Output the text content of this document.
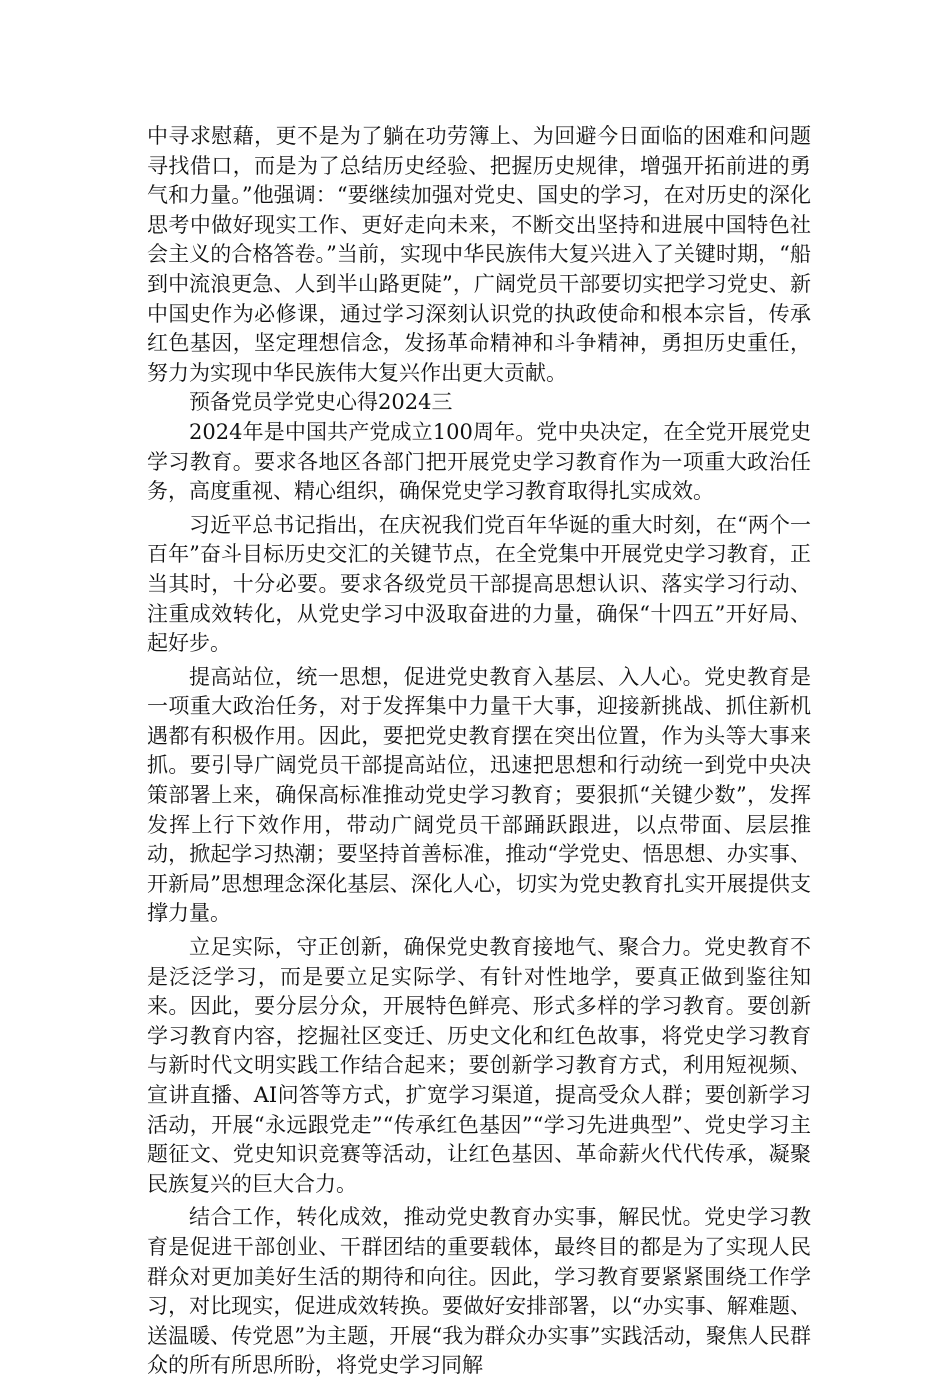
中寻求慰藉，更不是为了躺在功劳簿上、为回避今日面临的困难和问题寻找借口，而是为了总结历史经验、把握历史规律，增强开拓前进的勇气和力量。”他强调：“要继续加强对党史、国史的学习，在对历史的深化思考中做好现实工作、更好走向未来，不断交出坚持和进展中国特色社会主义的合格答卷。”当前，实现中华民族伟大复兴进入了关键时期，“船到中流浪更急、人到半山路更陡”，广阔党员干部要切实把学习党史、新中国史作为必修课，通过学习深刻认识党的执政使命和根本宗旨，传承红色基因，坚定理想信念，发扬革命精神和斗争精神，勇担历史重任，努力为实现中华民族伟大复兴作出更大贡献。

预备党员学党史心得2024三

2024年是中国共产党成立100周年。党中央决定，在全党开展党史学习教育。要求各地区各部门把开展党史学习教育作为一项重大政治任务，高度重视、精心组织，确保党史学习教育取得扎实成效。

习近平总书记指出，在庆祝我们党百年华诞的重大时刻，在“两个一百年”奋斗目标历史交汇的关键节点，在全党集中开展党史学习教育，正当其时，十分必要。要求各级党员干部提高思想认识、落实学习行动、注重成效转化，从党史学习中汲取奋进的力量，确保“十四五”开好局、起好步。

提高站位，统一思想，促进党史教育入基层、入人心。党史教育是一项重大政治任务，对于发挥集中力量干大事，迎接新挑战、抓住新机遇都有积极作用。因此，要把党史教育摆在突出位置，作为头等大事来抓。要引导广阔党员干部提高站位，迅速把思想和行动统一到党中央决策部署上来，确保高标准推动党史学习教育；要狠抓“关键少数”，发挥发挥上行下效作用，带动广阔党员干部踊跃跟进，以点带面、层层推动，掀起学习热潮；要坚持首善标准，推动“学党史、悟思想、办实事、开新局”思想理念深化基层、深化人心，切实为党史教育扎实开展提供支撑力量。

立足实际，守正创新，确保党史教育接地气、聚合力。党史教育不是泛泛学习，而是要立足实际学、有针对性地学，要真正做到鉴往知来。因此，要分层分众，开展特色鲜亮、形式多样的学习教育。要创新学习教育内容，挖掘社区变迁、历史文化和红色故事，将党史学习教育与新时代文明实践工作结合起来；要创新学习教育方式，利用短视频、宣讲直播、AI问答等方式，扩宽学习渠道，提高受众人群；要创新学习活动，开展“永远跟党走”“传承红色基因”“学习先进典型”、党史学习主题征文、党史知识竞赛等活动，让红色基因、革命薪火代代传承，凝聚民族复兴的巨大合力。

结合工作，转化成效，推动党史教育办实事，解民忧。党史学习教育是促进干部创业、干群团结的重要载体，最终目的都是为了实现人民群众对更加美好生活的期待和向往。因此，学习教育要紧紧围绕工作学习，对比现实，促进成效转换。要做好安排部署，以“办实事、解难题、送温暖、传党恩”为主题，开展“我为群众办实事”实践活动，聚焦人民群众的所有所思所盼，将党史学习同解
